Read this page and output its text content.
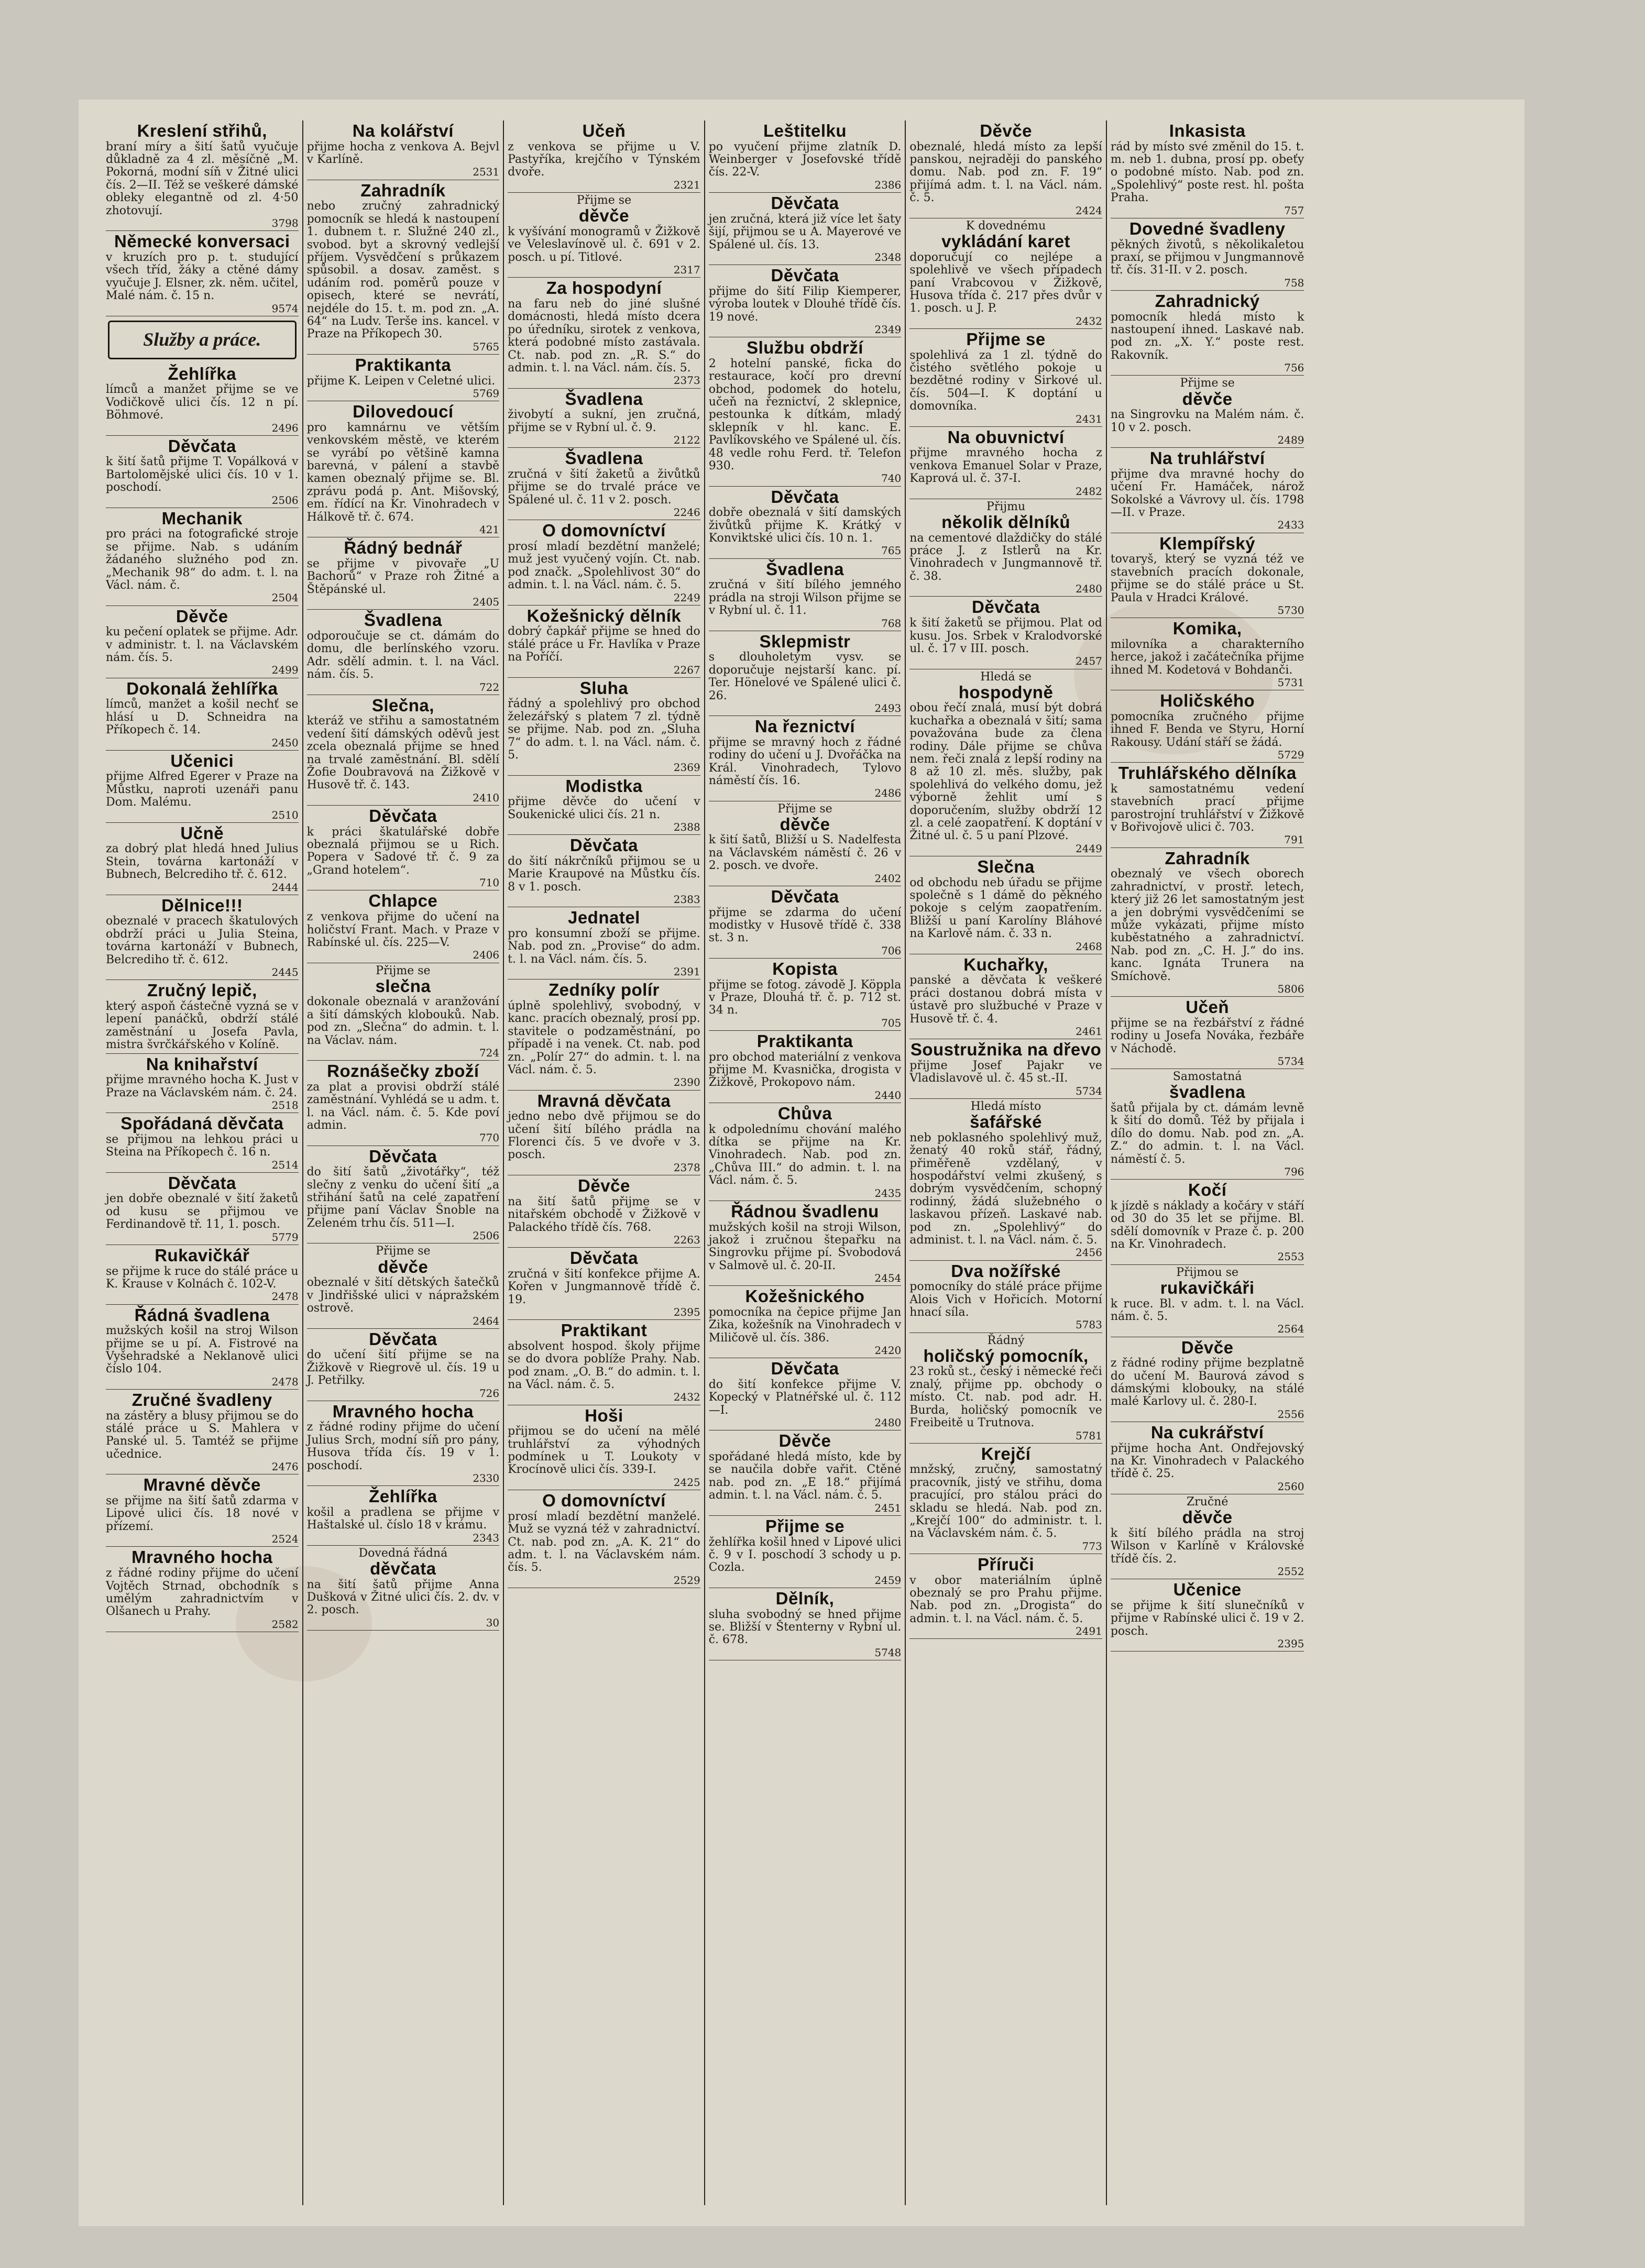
Kreslení střihů,
braní míry a šití šatů vyučuje důkladně za 4 zl. měsíčně „M. Pokorná, modní síň v Žitné ulici čís. 2—II. Též se veškeré dámské obleky elegantně od zl. 4·50 zhotovují.
3798
Německé konversaci
v kruzích pro p. t. studující všech tříd, žáky a ctěné dámy vyučuje J. Elsner, zk. něm. učitel, Malé nám. č. 15 n.
9574
Služby a práce.
Žehlířka
límců a manžet přijme se ve Vodičkově ulici čís. 12 n pí. Böhmové.
2496
Děvčata
k šití šatů přijme T. Vopálková v Bartolomějské ulici čís. 10 v 1. poschodí.
2506
Mechanik
pro práci na fotografické stroje se přijme. Nab. s udáním žádaného služného pod zn. „Mechanik 98“ do adm. t. l. na Václ. nám. č.
2504
Děvče
ku pečení oplatek se přijme. Adr. v administr. t. l. na Václavském nám. čís. 5.
2499
Dokonalá žehlířka
límců, manžet a košil nechť se hlásí u D. Schneidra na Příkopech č. 14.
2450
Učenici
přijme Alfred Egerer v Praze na Můstku, naproti uzenáři panu Dom. Malému.
2510
Učně
za dobrý plat hledá hned Julius Stein, továrna kartonáží v Bubnech, Belcrediho tř. č. 612.
2444
Dělnice!!!
obeznalé v pracech škatulových obdrží práci u Julia Steina, továrna kartonáží v Bubnech, Belcrediho tř. č. 612.
2445
Zručný lepič,
který aspoň částečně vyzná se v lepení panáčků, obdrží stálé zaměstnání u Josefa Pavla, mistra švrčkářského v Kolíně.
Na knihařství
přijme mravného hocha K. Just v Praze na Václavském nám. č. 24.
2518
Spořádaná děvčata
se přijmou na lehkou práci u Steina na Příkopech č. 16 n.
2514
Děvčata
jen dobře obeznalé v šití žaketů od kusu se přijmou ve Ferdinandově tř. 11, 1. posch.
5779
Rukavičkář
se přijme k ruce do stálé práce u K. Krause v Kolnách č. 102-V.
2478
Řádná švadlena
mužských košil na stroj Wilson přijme se u pí. A. Fistrové na Vyšehradské a Neklanově ulici číslo 104.
2478
Zručné švadleny
na zástěry a blusy přijmou se do stálé práce u S. Mahlera v Panské ul. 5. Tamtéž se přijme učednice.
2476
Mravné děvče
se přijme na šití šatů zdarma v Lipové ulici čís. 18 nové v přízemí.
2524
Mravného hocha
z řádné rodiny přijme do učení Vojtěch Strnad, obchodník s umělým zahradnictvím v Olšanech u Prahy.
2582
Na kolářství
přijme hocha z venkova A. Bejvl v Karlíně.
2531
Zahradník
nebo zručný zahradnický pomocník se hledá k nastoupení 1. dubnem t. r. Služné 240 zl., svobod. byt a skrovný vedlejší příjem. Vysvědčení s průkazem spůsobil. a dosav. zaměst. s udáním rod. poměrů pouze v opisech, které se nevrátí, nejdéle do 15. t. m. pod zn. „A. 64“ na Ludv. Terše ins. kancel. v Praze na Příkopech 30.
5765
Praktikanta
přijme K. Leipen v Celetné ulici.
5769
Dilovedoucí
pro kamnárnu ve větším venkovském městě, ve kterém se vyrábí po většině kamna barevná, v pálení a stavbě kamen obeznalý přijme se. Bl. zprávu podá p. Ant. Mišovský, em. řídící na Kr. Vinohradech v Hálkově tř. č. 674.
421
Řádný bednář
se přijme v pivovaře „U Bachorů“ v Praze roh Žitné a Štěpánské ul.
2405
Švadlena
odporoučuje se ct. dámám do domu, dle berlínského vzoru. Adr. sdělí admin. t. l. na Václ. nám. čís. 5.
722
Slečna,
kteráž ve střihu a samostatném vedení šití dámských oděvů jest zcela obeznalá přijme se hned na trvalé zaměstnání. Bl. sdělí Žofie Doubravová na Žižkově v Husově tř. č. 143.
2410
Děvčata
k práci škatulářské dobře obeznalá přijmou se u Rich. Popera v Sadové tř. č. 9 za „Grand hotelem“.
710
Chlapce
z venkova přijme do učení na holičství Frant. Mach. v Praze v Rabínské ul. čís. 225—V.
2406
Přijme se
slečna
dokonale obeznalá v aranžování a šití dámských klobouků. Nab. pod zn. „Slečna“ do admin. t. l. na Václav. nám.
724
Roznášečky zboží
za plat a provisi obdrží stálé zaměstnání. Vyhlédá se u adm. t. l. na Václ. nám. č. 5. Kde poví admin.
770
Děvčata
do šití šatů „životářky“, též slečny z venku do učení šití „a střihání šatů na celé zapatření přijme paní Václav Šnoble na Zeleném trhu čís. 511—I.
2506
Přijme se
děvče
obeznalé v šití dětských šatečků v Jindřišské ulici v nápražském ostrově.
2464
Děvčata
do učení šití přijme se na Žižkově v Riegrově ul. čís. 19 u J. Petřilky.
726
Mravného hocha
z řádné rodiny přijme do učení Julius Srch, modní síň pro pány, Husova třída čís. 19 v 1. poschodí.
2330
Žehlířka
košil a pradlena se přijme v Haštalské ul. číslo 18 v krámu.
2343
Dovedná řádná
děvčata
na šití šatů přijme Anna Dušková v Žitné ulici čís. 2. dv. v 2. posch.
30
Učeň
z venkova se přijme u V. Pastyříka, krejčího v Týnském dvoře.
2321
Přijme se
děvče
k vyšívání monogramů v Žižkově ve Veleslavínově ul. č. 691 v 2. posch. u pí. Titlové.
2317
Za hospodyní
na faru neb do jiné slušné domácnosti, hledá místo dcera po úředníku, sirotek z venkova, která podobné místo zastávala. Ct. nab. pod zn. „R. S.“ do admin. t. l. na Václ. nám. čís. 5.
2373
Švadlena
živobytí a sukní, jen zručná, přijme se v Rybní ul. č. 9.
2122
Švadlena
zručná v šití žaketů a živůtků přijme se do trvalé práce ve Spálené ul. č. 11 v 2. posch.
2246
O domovníctví
prosí mladí bezdětní manželé; muž jest vyučený vojín. Ct. nab. pod značk. „Spolehlivost 30“ do admin. t. l. na Václ. nám. č. 5.
2249
Kožešnický dělník
dobrý čapkář přijme se hned do stálé práce u Fr. Havlíka v Praze na Poříčí.
2267
Sluha
řádný a spolehlivý pro obchod železářský s platem 7 zl. týdně se přijme. Nab. pod zn. „Sluha 7“ do adm. t. l. na Václ. nám. č. 5.
2369
Modistka
přijme děvče do učení v Soukenické ulici čís. 21 n.
2388
Děvčata
do šití nákrčníků přijmou se u Marie Kraupové na Můstku čís. 8 v 1. posch.
2383
Jednatel
pro konsumní zboží se přijme. Nab. pod zn. „Provise“ do adm. t. l. na Václ. nám. čís. 5.
2391
Zedníky polír
úplně spolehlivý, svobodný, v kanc. pracích obeznalý, prosí pp. stavitele o podzaměstnání, po případě i na venek. Ct. nab. pod zn. „Polír 27“ do admin. t. l. na Václ. nám. č. 5.
2390
Mravná děvčata
jedno nebo dvě přijmou se do učení šití bílého prádla na Florenci čís. 5 ve dvoře v 3. posch.
2378
Děvče
na šití šatů přijme se v nitařském obchodě v Žižkově v Palackého třídě čís. 768.
2263
Děvčata
zručná v šití konfekce přijme A. Kořen v Jungmannově třídě č. 19.
2395
Praktikant
absolvent hospod. školy přijme se do dvora poblíže Prahy. Nab. pod znam. „O. B.“ do admin. t. l. na Václ. nám. č. 5.
2432
Hoši
přijmou se do učení na mělé truhlářství za výhodných podmínek u T. Loukoty v Krocínově ulici čís. 339-I.
2425
O domovníctví
prosí mladí bezdětní manželé. Muž se vyzná též v zahradnictví. Ct. nab. pod zn. „A. K. 21“ do adm. t. l. na Václavském nám. čís. 5.
2529
Leštitelku
po vyučení přijme zlatník D. Weinberger v Josefovské třídě čís. 22-V.
2386
Děvčata
jen zručná, která již více let šaty šijí, přijmou se u A. Mayerové ve Spálené ul. čís. 13.
2348
Děvčata
přijme do šití Filip Kiemperer, výroba loutek v Dlouhé třídě čís. 19 nové.
2349
Službu obdrží
2 hotelní panské, ficka do restaurace, kočí pro drevní obchod, podomek do hotelu, učeň na řeznictví, 2 sklepnice, pestounka k dítkám, mladý sklepník v hl. kanc. E. Pavlíkovského ve Spálené ul. čís. 48 vedle rohu Ferd. tř. Telefon 930.
740
Děvčata
dobře obeznalá v šití damských živůtků přijme K. Krátký v Konviktské ulici čís. 10 n. 1.
765
Švadlena
zručná v šití bílého jemného prádla na stroji Wilson přijme se v Rybní ul. č. 11.
768
Sklepmistr
s dlouholetým vysv. se doporučuje nejstarší kanc. pí. Ter. Hönelové ve Spálené ulici č. 26.
2493
Na řeznictví
přijme se mravný hoch z řádné rodiny do učení u J. Dvořáčka na Král. Vinohradech, Tylovo náměstí čís. 16.
2486
Přijme se
děvče
k šití šatů, Bližší u S. Nadelfesta na Václavském náměstí č. 26 v 2. posch. ve dvoře.
2402
Děvčata
přijme se zdarma do učení modistky v Husově třídě č. 338 st. 3 n.
706
Kopista
přijme se fotog. závodě J. Köppla v Praze, Dlouhá tř. č. p. 712 st. 34 n.
705
Praktikanta
pro obchod materiální z venkova přijme M. Kvasnička, drogista v Žižkově, Prokopovo nám.
2440
Chůva
k odpolednímu chování malého dítka se přijme na Kr. Vinohradech. Nab. pod zn. „Chůva III.“ do admin. t. l. na Václ. nám. č. 5.
2435
Řádnou švadlenu
mužských košil na stroji Wilson, jakož i zručnou štepařku na Singrovku přijme pí. Svobodová v Salmově ul. č. 20-II.
2454
Kožešnického
pomocníka na čepice přijme Jan Zika, kožešník na Vinohradech v Miličově ul. čís. 386.
2420
Děvčata
do šití konfekce přijme V. Kopecký v Platnéřské ul. č. 112—I.
2480
Děvče
spořádané hledá místo, kde by se naučila dobře vařit. Ctěné nab. pod zn. „E 18.“ přijímá admin. t. l. na Václ. nám. č. 5.
2451
Přijme se
žehlířka košil hned v Lipové ulici č. 9 v I. poschodí 3 schody u p. Cozla.
2459
Dělník,
sluha svobodný se hned přijme se. Bližší v Štenterny v Rybní ul. č. 678.
5748
Děvče
obeznalé, hledá místo za lepší panskou, nejraději do panského domu. Nab. pod zn. F. 19“ přijímá adm. t. l. na Václ. nám. č. 5.
2424
K dovednému
vykládání karet
doporučují co nejlépe a spolehlivě ve všech případech paní Vrabcovou v Žižkově, Husova třída č. 217 přes dvůr v 1. posch. u J. P.
2432
Přijme se
spolehlivá za 1 zl. týdně do čistého světlého pokoje u bezdětné rodiny v Sirkové ul. čís. 504—I. K doptání u domovníka.
2431
Na obuvnictví
přijme mravného hocha z venkova Emanuel Solar v Praze, Kaprová ul. č. 37-I.
2482
Přijmu
několik dělníků
na cementové dlaždičky do stálé práce J. z Istlerů na Kr. Vinohradech v Jungmannově tř. č. 38.
2480
Děvčata
k šití žaketů se přijmou. Plat od kusu. Jos. Srbek v Kralodvorské ul. č. 17 v III. posch.
2457
Hledá se
hospodyně
obou řečí znalá, musí být dobrá kuchařka a obeznalá v šití; sama považována bude za člena rodiny. Dále přijme se chůva nem. řeči znalá z lepší rodiny na 8 až 10 zl. měs. služby, pak spolehlivá do velkého domu, jež výborně žehlit umí s doporučením, služby obdrží 12 zl. a celé zaopatření. K doptání v Žitné ul. č. 5 u paní Plzové.
2449
Slečna
od obchodu neb úřadu se přijme společně s 1 dámě do pěkného pokoje s celým zaopatřením. Bližší u paní Karolíny Bláhové na Karlově nám. č. 33 n.
2468
Kuchařky,
panské a děvčata k veškeré práci dostanou dobrá místa v ústavě pro službuché v Praze v Husově tř. č. 4.
2461
Soustružnika na dřevo
přijme Josef Pajakr ve Vladislavově ul. č. 45 st.-II.
5734
Hledá místo
šafářské
neb poklasného spolehlivý muž, ženatý 40 roků stář, řádný, přiměřeně vzdělaný, v hospodářství velmi zkušený, s dobrým vysvědčením, schopný rodinný, žádá služebného o laskavou přízeň. Laskavé nab. pod zn. „Spolehlivý“ do administ. t. l. na Václ. nám. č. 5.
2456
Dva nožířské
pomocníky do stálé práce přijme Alois Vich v Hořicích. Motorní hnací síla.
5783
Řádný
holičský pomocník,
23 roků st., český i německé řeči znalý, přijme pp. obchody o místo. Ct. nab. pod adr. H. Burda, holičský pomocník ve Freibeitě u Trutnova.
5781
Krejčí
mnžský, zručný, samostatný pracovník, jistý ve střihu, doma pracující, pro stálou práci do skladu se hledá. Nab. pod zn. „Krejčí 100“ do administr. t. l. na Václavském nám. č. 5.
773
Příruči
v obor materiálním úplně obeznalý se pro Prahu přijme. Nab. pod zn. „Drogista“ do admin. t. l. na Václ. nám. č. 5.
2491
Inkasista
rád by místo své změnil do 15. t. m. neb 1. dubna, prosí pp. obeťy o podobné místo. Nab. pod zn. „Spolehlivý“ poste rest. hl. pošta Praha.
757
Dovedné švadleny
pěkných životů, s několikaletou praxí, se přijmou v Jungmannově tř. čís. 31-II. v 2. posch.
758
Zahradnický
pomocník hledá místo k nastoupení ihned. Laskavé nab. pod zn. „X. Y.“ poste rest. Rakovník.
756
Přijme se
děvče
na Singrovku na Malém nám. č. 10 v 2. posch.
2489
Na truhlářství
přijme dva mravné hochy do učení Fr. Hamáček, nárož Sokolské a Vávrovy ul. čís. 1798—II. v Praze.
2433
Klempířský
tovaryš, který se vyzná též ve stavebních pracích dokonale, přijme se do stálé práce u St. Paula v Hradci Králové.
5730
Komika,
milovníka a charakterního herce, jakož i začátečníka přijme ihned M. Kodetová v Bohdanči.
5731
Holičského
pomocníka zručného přijme ihned F. Benda ve Styru, Horní Rakousy. Udání stáří se žádá.
5729
Truhlářského dělníka
k samostatnému vedení stavebních prací přijme parostrojní truhlářství v Žižkově v Bořivojově ulici č. 703.
791
Zahradník
obeznalý ve všech oborech zahradnictví, v prostř. letech, který již 26 let samostatným jest a jen dobrými vysvědčeními se může vykázati, přijme místo kuběstatného a zahradnictví. Nab. pod zn. „C. H. J.“ do ins. kanc. Ignáta Trunera na Smíchově.
5806
Učeň
přijme se na řezbářství z řádné rodiny u Josefa Nováka, řezbáře v Náchodě.
5734
Samostatná
švadlena
šatů přijala by ct. dámám levně k šití do domů. Též by přijala i dílo do domu. Nab. pod zn. „A. Z.“ do admin. t. l. na Václ. náměstí č. 5.
796
Kočí
k jízdě s náklady a kočáry v stáří od 30 do 35 let se přijme. Bl. sdělí domovník v Praze č. p. 200 na Kr. Vinohradech.
2553
Přijmou se
rukavičkáři
k ruce. Bl. v adm. t. l. na Václ. nám. č. 5.
2564
Děvče
z řádné rodiny přijme bezplatně do učení M. Baurová závod s dámskými klobouky, na stálé malé Karlovy ul. č. 280-I.
2556
Na cukrářství
přijme hocha Ant. Ondřejovský na Kr. Vinohradech v Palackého třídě č. 25.
2560
Zručné
děvče
k šití bílého prádla na stroj Wilson v Karlíně v Královské třídě čís. 2.
2552
Učenice
se přijme k šití slunečníků v přijme v Rabínské ulici č. 19 v 2. posch.
2395
